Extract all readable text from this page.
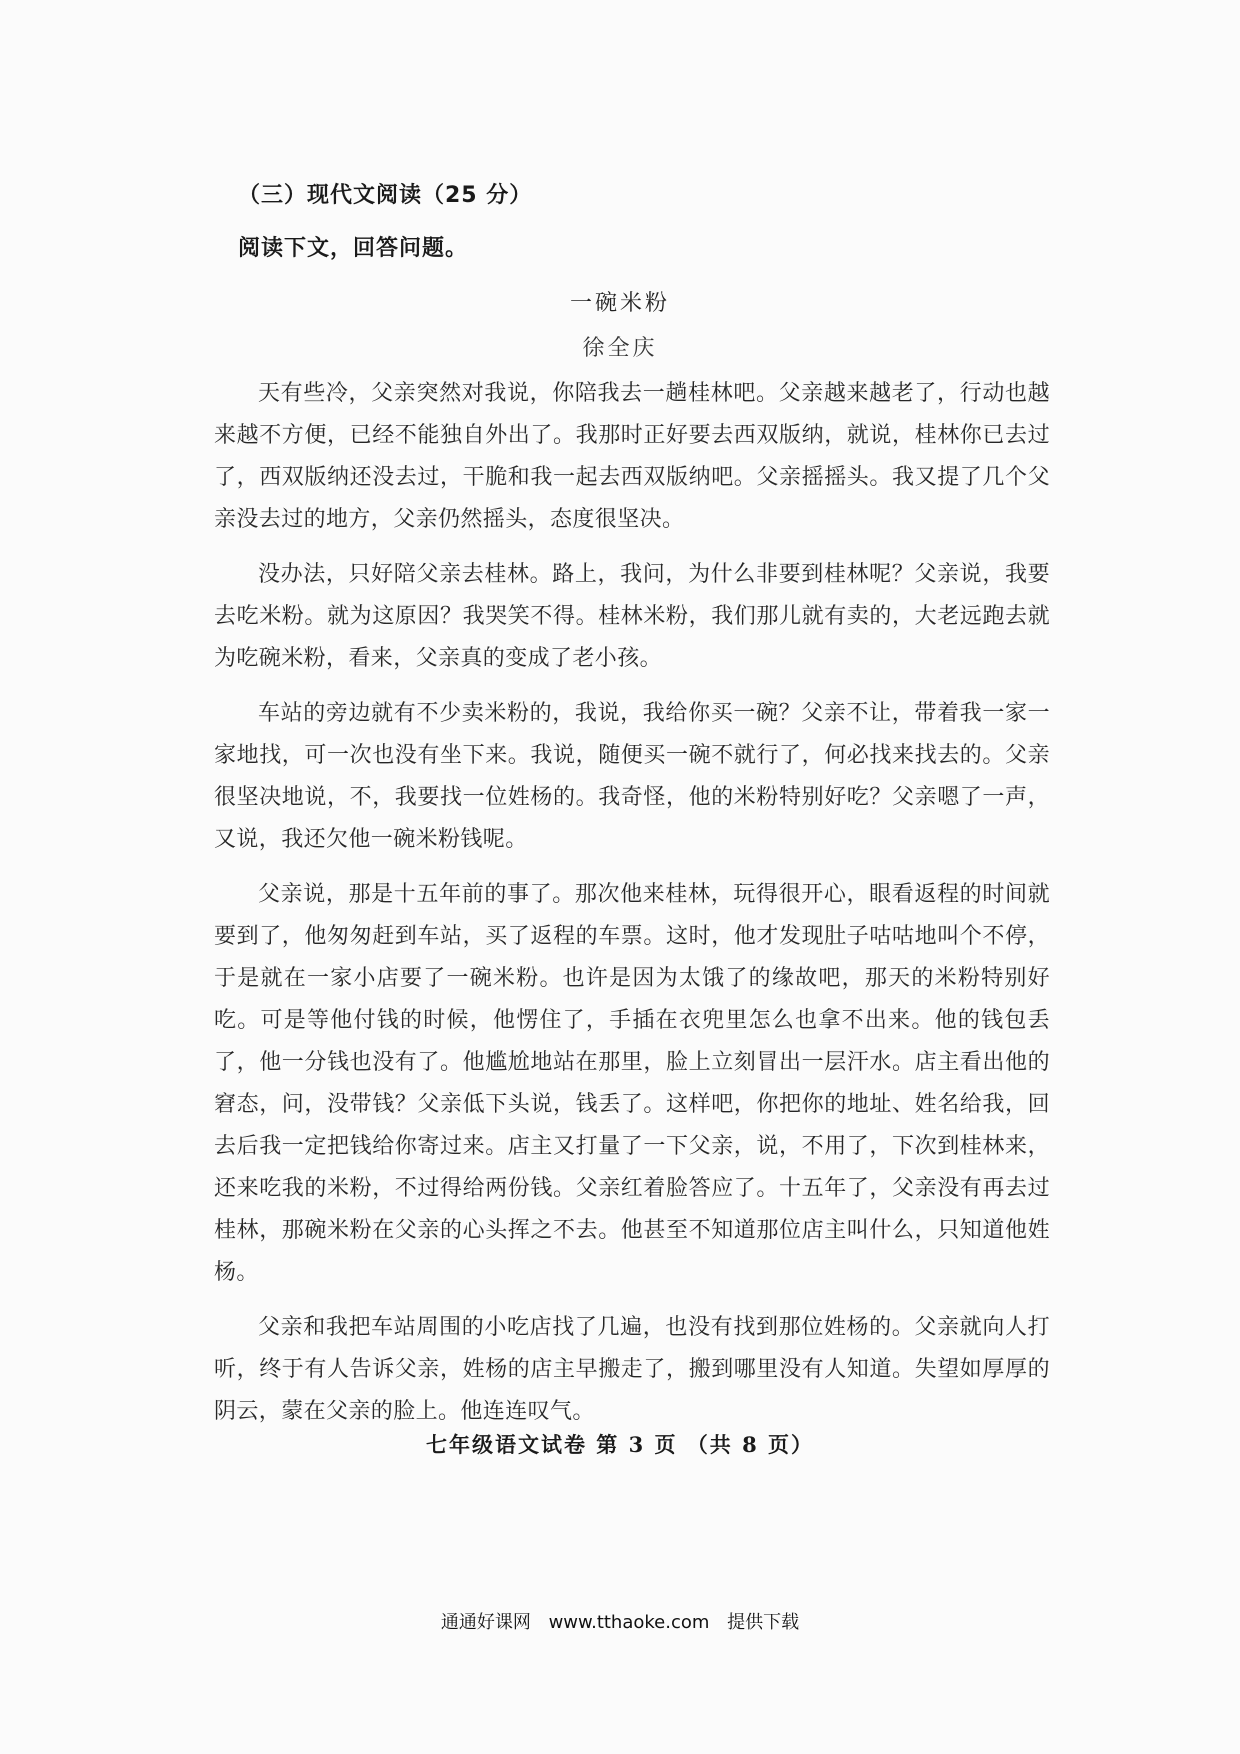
（三）现代文阅读（25 分）
阅读下文，回答问题。
一碗米粉
徐全庆

天有些冷，父亲突然对我说，你陪我去一趟桂林吧。父亲越来越老了，行动也越来越不方便，已经不能独自外出了。我那时正好要去西双版纳，就说，桂林你已去过了，西双版纳还没去过，干脆和我一起去西双版纳吧。父亲摇摇头。我又提了几个父亲没去过的地方，父亲仍然摇头，态度很坚决。

没办法，只好陪父亲去桂林。路上，我问，为什么非要到桂林呢？父亲说，我要去吃米粉。就为这原因？我哭笑不得。桂林米粉，我们那儿就有卖的，大老远跑去就为吃碗米粉，看来，父亲真的变成了老小孩。

车站的旁边就有不少卖米粉的，我说，我给你买一碗？父亲不让，带着我一家一家地找，可一次也没有坐下来。我说，随便买一碗不就行了，何必找来找去的。父亲很坚决地说，不，我要找一位姓杨的。我奇怪，他的米粉特别好吃？父亲嗯了一声，又说，我还欠他一碗米粉钱呢。

父亲说，那是十五年前的事了。那次他来桂林，玩得很开心，眼看返程的时间就要到了，他匆匆赶到车站，买了返程的车票。这时，他才发现肚子咕咕地叫个不停，于是就在一家小店要了一碗米粉。也许是因为太饿了的缘故吧，那天的米粉特别好吃。可是等他付钱的时候，他愣住了，手插在衣兜里怎么也拿不出来。他的钱包丢了，他一分钱也没有了。他尴尬地站在那里，脸上立刻冒出一层汗水。店主看出他的窘态，问，没带钱？父亲低下头说，钱丢了。这样吧，你把你的地址、姓名给我，回去后我一定把钱给你寄过来。店主又打量了一下父亲，说，不用了，下次到桂林来，还来吃我的米粉，不过得给两份钱。父亲红着脸答应了。十五年了，父亲没有再去过桂林，那碗米粉在父亲的心头挥之不去。他甚至不知道那位店主叫什么，只知道他姓杨。

父亲和我把车站周围的小吃店找了几遍，也没有找到那位姓杨的。父亲就向人打听，终于有人告诉父亲，姓杨的店主早搬走了，搬到哪里没有人知道。失望如厚厚的阴云，蒙在父亲的脸上。他连连叹气。

七年级语文试卷 第 3 页 （共 8 页）
通通好课网 www.tthaoke.com 提供下载
